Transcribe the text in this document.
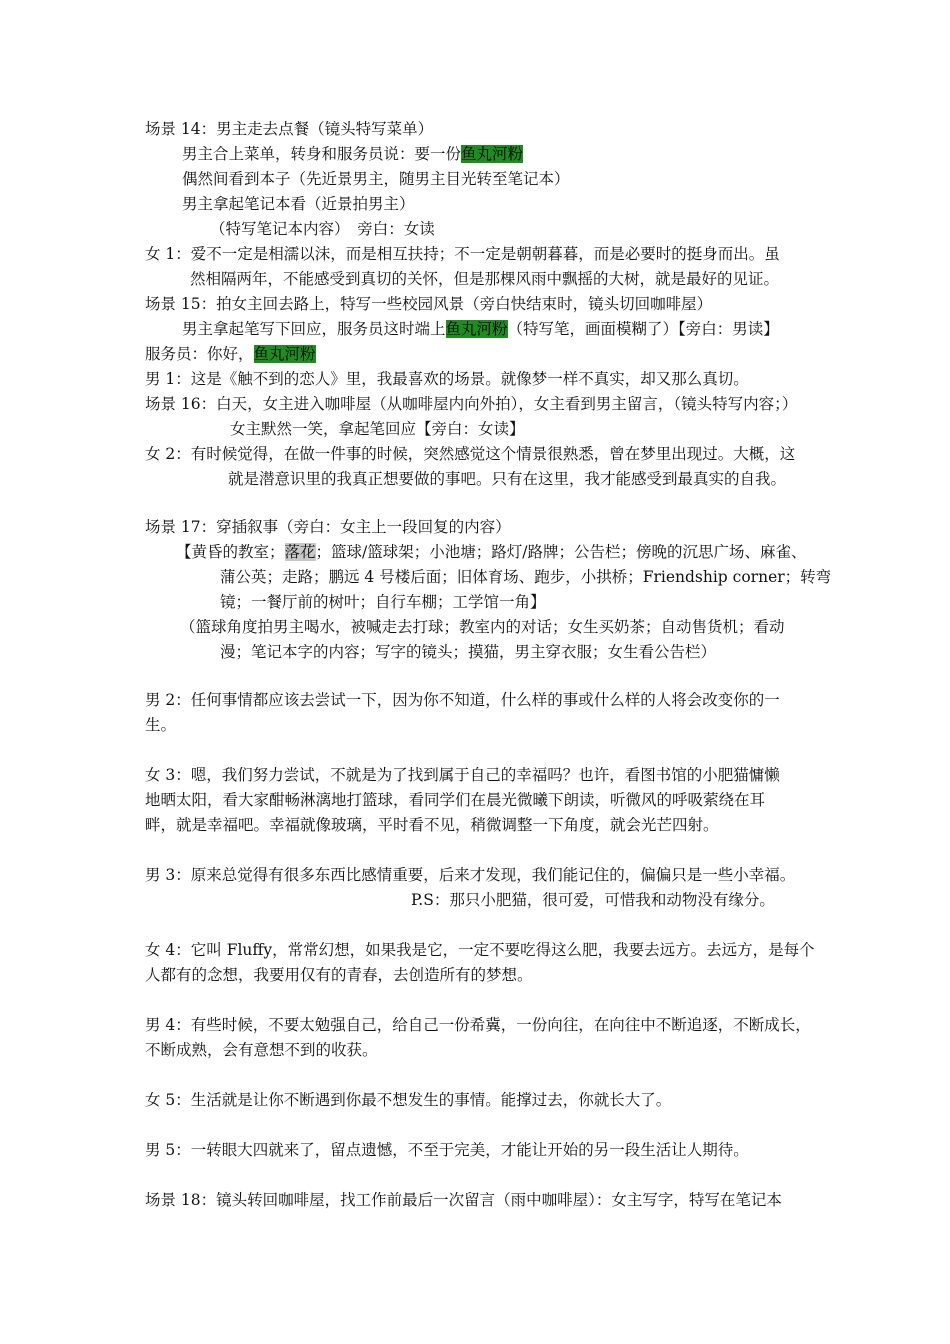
场景 14：男主走去点餐（镜头特写菜单）
男主合上菜单，转身和服务员说：要一份鱼丸河粉
偶然间看到本子（先近景男主，随男主目光转至笔记本）
男主拿起笔记本看（近景拍男主）
（特写笔记本内容）　旁白：女读
女 1：爱不一定是相濡以沫，而是相互扶持；不一定是朝朝暮暮，而是必要时的挺身而出。虽
然相隔两年，不能感受到真切的关怀，但是那棵风雨中飘摇的大树，就是最好的见证。
场景 15：拍女主回去路上，特写一些校园风景（旁白快结束时，镜头切回咖啡屋）
男主拿起笔写下回应，服务员这时端上鱼丸河粉（特写笔，画面模糊了）【旁白：男读】
服务员：你好，鱼丸河粉
男 1：这是《触不到的恋人》里，我最喜欢的场景。就像梦一样不真实，却又那么真切。
场景 16：白天，女主进入咖啡屋（从咖啡屋内向外拍），女主看到男主留言，（镜头特写内容；）
女主默然一笑，拿起笔回应【旁白：女读】
女 2：有时候觉得，在做一件事的时候，突然感觉这个情景很熟悉，曾在梦里出现过。大概，这
就是潜意识里的我真正想要做的事吧。只有在这里，我才能感受到最真实的自我。
场景 17：穿插叙事（旁白：女主上一段回复的内容）
【黄昏的教室；落花；篮球/篮球架；小池塘；路灯/路牌；公告栏；傍晚的沉思广场、麻雀、
蒲公英；走路；鹏远 4 号楼后面；旧体育场、跑步，小拱桥；Friendship corner；转弯
镜；一餐厅前的树叶；自行车棚；工学馆一角】
（篮球角度拍男主喝水，被喊走去打球；教室内的对话；女生买奶茶；自动售货机；看动
漫；笔记本字的内容；写字的镜头；摸猫，男主穿衣服；女生看公告栏）
男 2：任何事情都应该去尝试一下，因为你不知道，什么样的事或什么样的人将会改变你的一
生。
女 3：嗯，我们努力尝试，不就是为了找到属于自己的幸福吗？也许，看图书馆的小肥猫慵懒
地晒太阳，看大家酣畅淋漓地打篮球，看同学们在晨光微曦下朗读，听微风的呼吸萦绕在耳
畔，就是幸福吧。幸福就像玻璃，平时看不见，稍微调整一下角度，就会光芒四射。
男 3：原来总觉得有很多东西比感情重要，后来才发现，我们能记住的，偏偏只是一些小幸福。
P.S：那只小肥猫，很可爱，可惜我和动物没有缘分。
女 4：它叫 Fluffy，常常幻想，如果我是它，一定不要吃得这么肥，我要去远方。去远方，是每个
人都有的念想，我要用仅有的青春，去创造所有的梦想。
男 4：有些时候，不要太勉强自己，给自己一份希冀，一份向往，在向往中不断追逐，不断成长，
不断成熟，会有意想不到的收获。
女 5：生活就是让你不断遇到你最不想发生的事情。能撑过去，你就长大了。
男 5：一转眼大四就来了，留点遗憾，不至于完美，才能让开始的另一段生活让人期待。
场景 18：镜头转回咖啡屋，找工作前最后一次留言（雨中咖啡屋）：女主写字，特写在笔记本
